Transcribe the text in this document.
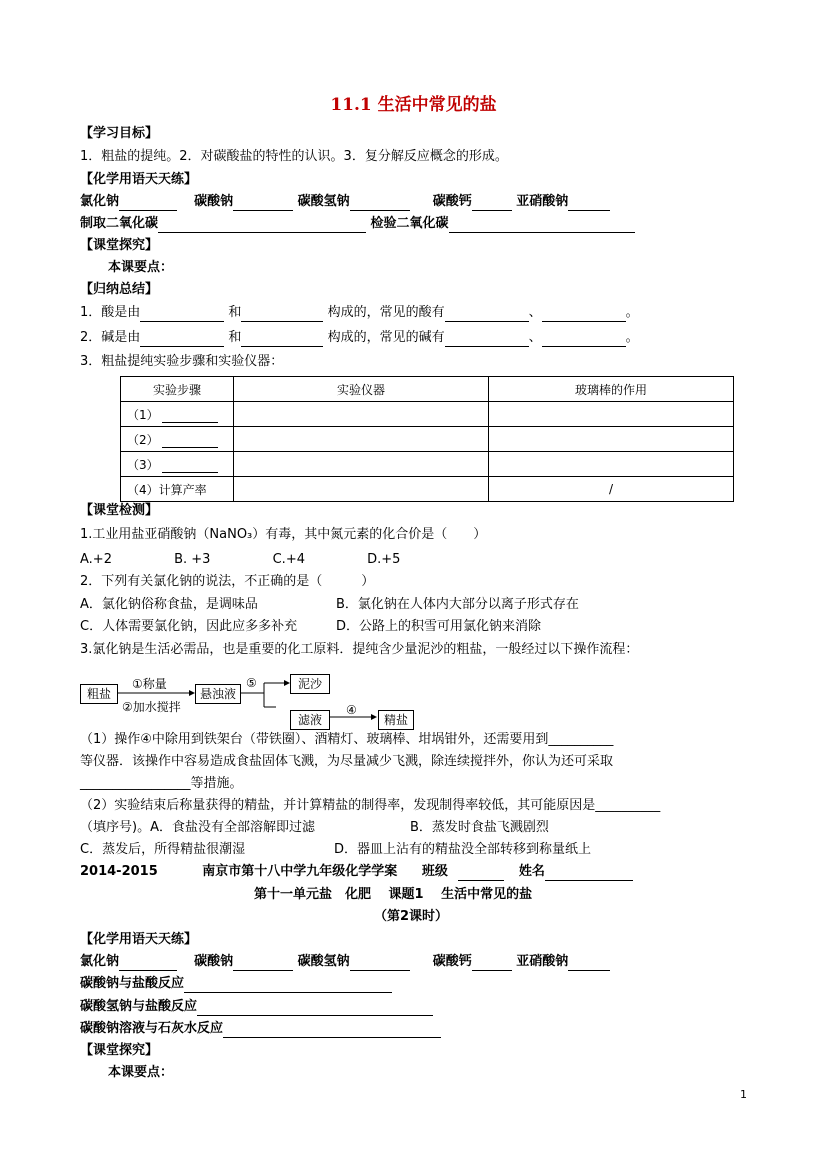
11.1 生活中常见的盐
【学习目标】
1．粗盐的提纯。2．对碳酸盐的特性的认识。3．复分解反应概念的形成。
【化学用语天天练】
氯化钠	碳酸钠	碳酸氢钠	碳酸钙	亚硝酸钠
制取二氧化碳	检验二氧化碳
【课堂探究】
本课要点：
【归纳总结】
1．酸是由	和	构成的，常见的酸有	、	。
2．碱是由	和	构成的，常见的碱有	、	。
3．粗盐提纯实验步骤和实验仪器：
实验步骤	实验仪器	玻璃棒的作用
（1）		
（2）		
（3）		
（4）计算产率		/
【课堂检测】
1.工业用盐亚硝酸钠（NaNO₃）有毒，其中氮元素的化合价是（　　）
A.+2	B. +3	C.+4	D.+5
2．下列有关氯化钠的说法，不正确的是（　　　）
A．氯化钠俗称食盐，是调味品	B．氯化钠在人体内大部分以离子形式存在
C．人体需要氯化钠，因此应多多补充	D．公路上的积雪可用氯化钠来消除
3.氯化钠是生活必需品，也是重要的化工原料．提纯含少量泥沙的粗盐，一般经过以下操作流程：
粗盐
①称量
②加水搅拌
悬浊液
⑤	泥沙
滤液
④
精盐
（1）操作④中除用到铁架台（带铁圈）、酒精灯、玻璃棒、坩埚钳外，还需要用到__________
等仪器．该操作中容易造成食盐固体飞溅，为尽量减少飞溅，除连续搅拌外，你认为还可采取
_________________等措施。
（2）实验结束后称量获得的精盐，并计算精盐的制得率，发现制得率较低，其可能原因是__________
（填序号)。A．食盐没有全部溶解即过滤	B．蒸发时食盐飞溅剧烈
C．蒸发后，所得精盐很潮湿	D．器皿上沾有的精盐没全部转移到称量纸上
2014-2015	南京市第十八中学九年级化学学案 班级	姓名
第十一单元盐　化肥　 课题1　 生活中常见的盐
（第2课时）
【化学用语天天练】
氯化钠	碳酸钠	碳酸氢钠	碳酸钙	亚硝酸钠
碳酸钠与盐酸反应
碳酸氢钠与盐酸反应
碳酸钠溶液与石灰水反应
【课堂探究】
本课要点：
1
